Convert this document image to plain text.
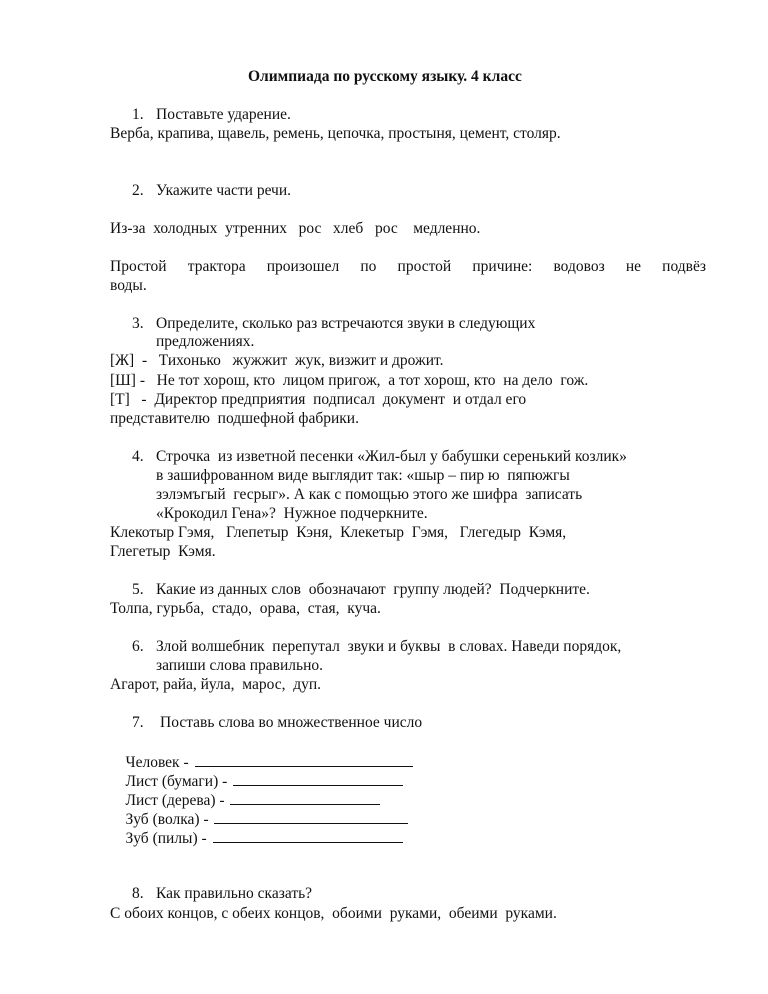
Олимпиада по русскому языку. 4 класс
1. Поставьте ударение.
Верба, крапива, щавель, ремень, цепочка, простыня, цемент, столяр.
2. Укажите части речи.
Из-за  холодных  утренних   рос   хлеб   рос    медленно.
Простой трактора произошел по простой причине: водовоз не подвёз
воды.
3. Определите, сколько раз встречаются звуки в следующих
предложениях.
[Ж]  -   Тихонько   жужжит  жук, визжит и дрожит.
[Ш] -   Не тот хорош, кто  лицом пригож,  а тот хорош, кто  на дело  гож.
[Т]   -  Директор предприятия  подписал  документ  и отдал его
представителю  подшефной фабрики.
4. Строчка  из изветной песенки «Жил-был у бабушки серенький козлик»
в зашифрованном виде выглядит так: «шыр – пир ю  пяпюжгы
зэлэмъгый  гесрыг». А как с помощью этого же шифра  записать
«Крокодил Гена»?  Нужное подчеркните.
Клекотыр Гэмя,   Глепетыр  Кэня,  Клекетыр  Гэмя,   Глегедыр  Кэмя,
Глегетыр  Кэмя.
5. Какие из данных слов  обозначают  группу людей?  Подчеркните.
Толпа, гурьба,  стадо,  орава,  стая,  куча.
6. Злой волшебник  перепутал  звуки и буквы  в словах. Наведи порядок,
запиши слова правильно.
Агарот, райа, йула,  марос,  дуп.
7. Поставь слова во множественное число

Человек -

Лист (бумаги) -

Лист (дерева) -

Зуб (волка) -

Зуб (пилы) -

8. Как правильно сказать?
С обоих концов, с обеих концов,  обоими  руками,  обеими  руками.
